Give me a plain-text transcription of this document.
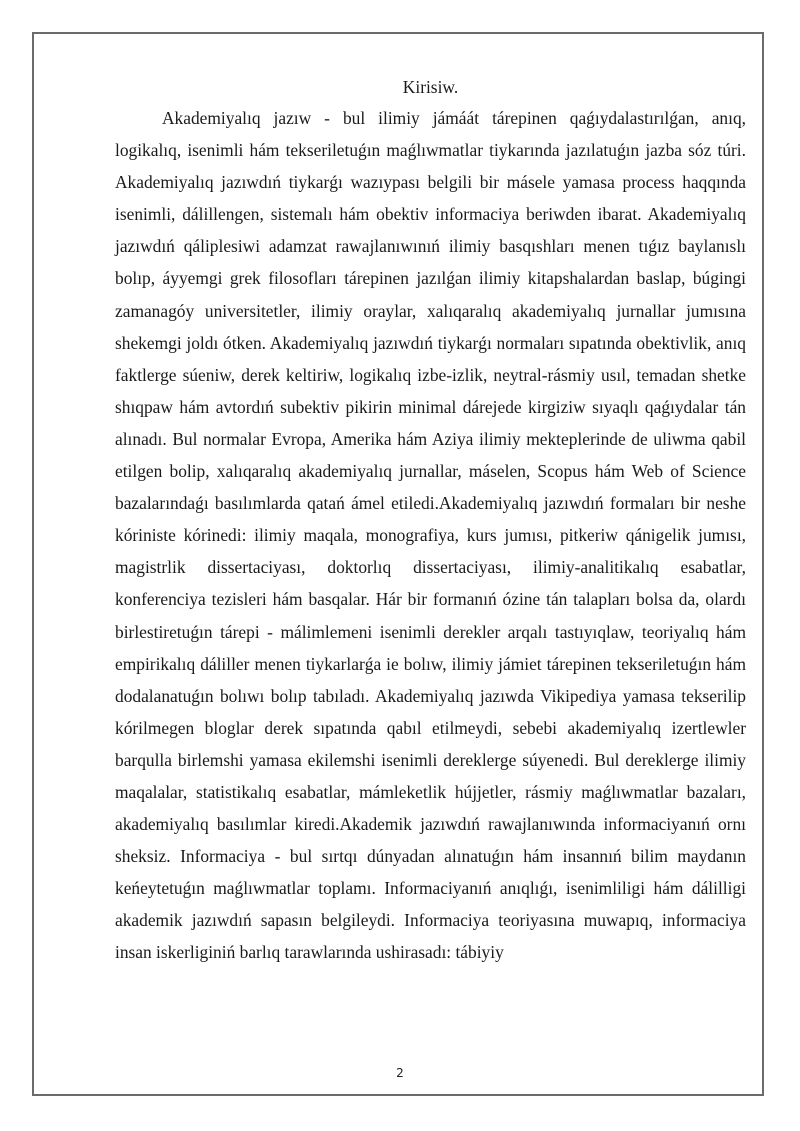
Kirisiw.

Akademiyalıq jazıw - bul ilimiy jámáát tárepinen qaǵıydalastırılǵan, anıq, logikalıq, isenimli hám tekseriletuǵın maǵlıwmatlar tiykarında jazılatuǵın jazba sóz túri. Akademiyalıq jazıwdıń tiykarǵı wazıypası belgili bir másele yamasa process haqqında isenimli, dálillengen, sistemalı hám obektiv informaciya beriwden ibarat. Akademiyalıq jazıwdıń qáliplesiwi adamzat rawajlanıwınıń ilimiy basqıshları menen tıǵız baylanıslı bolıp, áyyemgi grek filosofları tárepinen jazılǵan ilimiy kitapshalardan baslap, búgingi zamanagóy universitetler, ilimiy oraylar, xalıqaralıq akademiyalıq jurnallar jumısına shekemgi joldı ótken. Akademiyalıq jazıwdıń tiykarǵı normaları sıpatında obektivlik, anıq faktlerge súeniw, derek keltiriw, logikalıq izbe-izlik, neytral-rásmiy usıl, temadan shetke shıqpaw hám avtordıń subektiv pikirin minimal dárejede kirgiziw sıyaqlı qaǵıydalar tán alınadı. Bul normalar Evropa, Amerika hám Aziya ilimiy mekteplerinde de uliwma qabil etilgen bolip, xalıqaralıq akademiyalıq jurnallar, máselen, Scopus hám Web of Science bazalarındaǵı basılımlarda qatań ámel etiledi.Akademiyalıq jazıwdıń formaları bir neshe kóriniste kórinedi: ilimiy maqala, monografiya, kurs jumısı, pitkeriw qánigelik jumısı, magistrlik dissertaciyası, doktorlıq dissertaciyası, ilimiy-analitikalıq esabatlar, konferenciya tezisleri hám basqalar. Hár bir formanıń ózine tán talapları bolsa da, olardı birlestiretuǵın tárepi - málimlemeni isenimli derekler arqalı tastıyıqlaw, teoriyalıq hám empirikalıq dáliller menen tiykarlarǵa ie bolıw, ilimiy jámiet tárepinen tekseriletuǵın hám dodalanatuǵın bolıwı bolıp tabıladı. Akademiyalıq jazıwda Vikipediya yamasa tekserilip kórilmegen bloglar derek sıpatında qabıl etilmeydi, sebebi akademiyalıq izertlewler barqulla birlemshi yamasa ekilemshi isenimli dereklerge súyenedi. Bul dereklerge ilimiy maqalalar, statistikalıq esabatlar, mámleketlik hújjetler, rásmiy maǵlıwmatlar bazaları, akademiyalıq basılımlar kiredi.Akademik jazıwdıń rawajlanıwında informaciyanıń ornı sheksiz. Informaciya - bul sırtqı dúnyadan alınatuǵın hám insannıń bilim maydanın keńeytetuǵın maǵlıwmatlar toplamı. Informaciyanıń anıqlıǵı, isenimliligi hám dálilligi akademik jazıwdıń sapasın belgileydi. Informaciya teoriyasına muwapıq, informaciya insan iskerliginiń barlıq tarawlarında ushirasadı: tábiyiy

2
